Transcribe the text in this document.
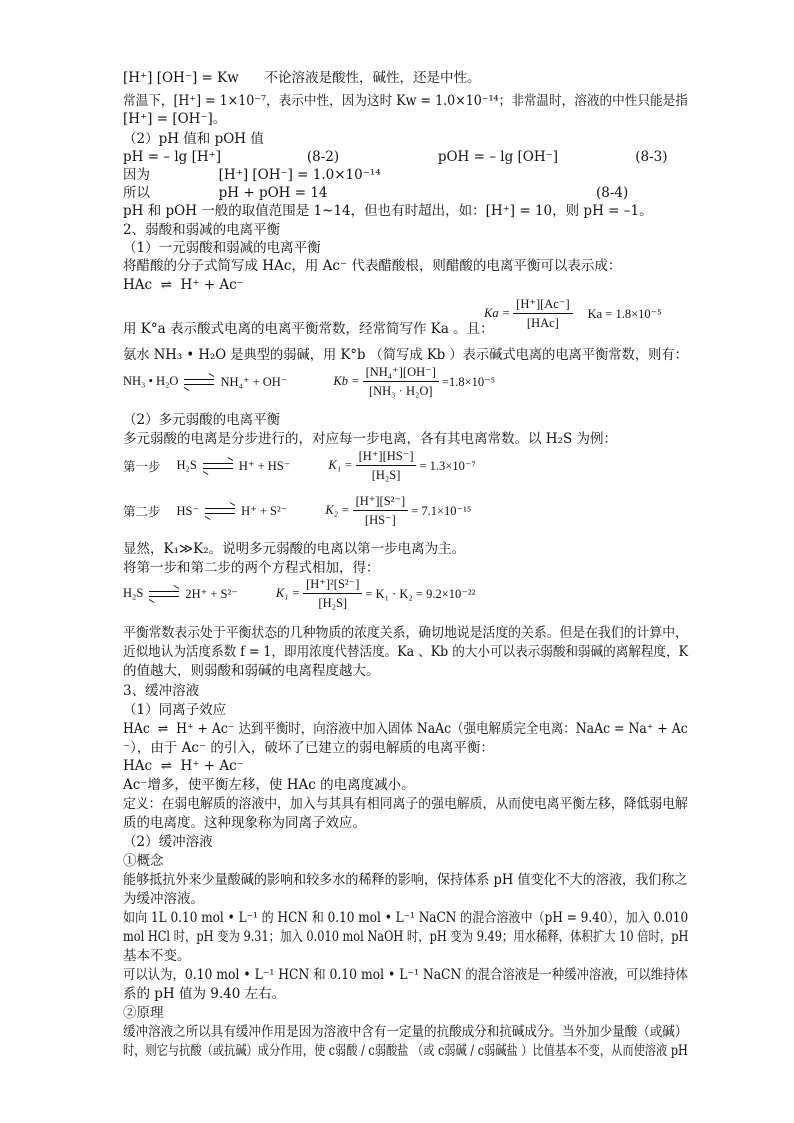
[H⁺] [OH⁻] = Kw      不论溶液是酸性，碱性，还是中性。
常温下，[H⁺] = 1×10⁻⁷，表示中性，因为这时 Kw = 1.0×10⁻¹⁴；非常温时，溶液的中性只能是指
[H⁺] = [OH⁻]。
（2）pH 值和 pOH 值
pH = – lg [H⁺]                    (8-2)                       pOH = – lg [OH⁻]                  (8-3)
因为                [H⁺] [OH⁻] = 1.0×10⁻¹⁴
所以                pH + pOH = 14	(8-4)
pH 和 pOH 一般的取值范围是 1~14，但也有时超出，如：[H⁺] = 10，则 pH = –1。
2、弱酸和弱减的电离平衡
（1）一元弱酸和弱减的电离平衡
将醋酸的分子式简写成 HAc，用 Ac⁻ 代表醋酸根，则醋酸的电离平衡可以表示成：
HAc  ⇌  H⁺ + Ac⁻
$Ka = \frac{[H^+][Ac^-]}{\text{[HAc]}}$ Ka = 1.8×10⁻⁵
用 K°a 表示酸式电离的电离平衡常数，经常简写作 Ka 。且：
氨水 NH₃ • H₂O 是典型的弱碱，用 K°b （简写成 Kb ）表示碱式电离的电离平衡常数，则有：
NH₃ • H₂O	NH₄⁺ + OH⁻	$Kb = \frac{\text{[NH₄⁺][OH⁻]}}{\text{[NH₃ · H₂O]}} =1.8\times 10^{-5}$
（2）多元弱酸的电离平衡
多元弱酸的电离是分步进行的，对应每一步电离，各有其电离常数。以 H₂S 为例：
第一步 H₂S	H⁺ + HS⁻	$K_1 = \frac{[H^+][HS^-]}{\text{[H₂S]}} = 1.3\times 10^{-7}$
第二步 HS⁻	H⁺ + S²⁻	$K_2 = \frac{\text{[H⁺][S²⁻]}}{[HS^-]} = 7.1\times 10^{-15}$
显然，K₁≫K₂。说明多元弱酸的电离以第一步电离为主。
将第一步和第二步的两个方程式相加，得：
H₂S	2H⁺ + S²⁻	$K_1 = \frac{\text{[H⁺]²[S²⁻]}}{\text{[H₂S]}} = K_1 \cdot K_2 = 9.2\times 10^{-22}$
平衡常数表示处于平衡状态的几种物质的浓度关系，确切地说是活度的关系。但是在我们的计算中，
近似地认为活度系数 f = 1，即用浓度代替活度。Ka 、Kb 的大小可以表示弱酸和弱碱的离解程度，K
的值越大，则弱酸和弱碱的电离程度越大。
3、缓冲溶液
（1）同离子效应
HAc  ⇌  H⁺ + Ac⁻ 达到平衡时，向溶液中加入固体 NaAc（强电解质完全电离：NaAc = Na⁺ + Ac
⁻），由于 Ac⁻ 的引入，破坏了已建立的弱电解质的电离平衡：
HAc  ⇌  H⁺ + Ac⁻
Ac⁻增多，使平衡左移，使 HAc 的电离度减小。
定义：在弱电解质的溶液中，加入与其具有相同离子的强电解质，从而使电离平衡左移，降低弱电解
质的电离度。这种现象称为同离子效应。
（2）缓冲溶液
①概念
能够抵抗外来少量酸碱的影响和较多水的稀释的影响，保持体系 pH 值变化不大的溶液，我们称之
为缓冲溶液。
如向 1L 0.10 mol • L⁻¹ 的 HCN 和 0.10 mol • L⁻¹ NaCN 的混合溶液中（pH = 9.40），加入 0.010
mol HCl 时，pH 变为 9.31；加入 0.010 mol NaOH 时，pH 变为 9.49；用水稀释，体积扩大 10 倍时，pH
基本不变。
可以认为，0.10 mol • L⁻¹ HCN 和 0.10 mol • L⁻¹ NaCN 的混合溶液是一种缓冲溶液，可以维持体
系的 pH 值为 9.40 左右。
②原理
缓冲溶液之所以具有缓冲作用是因为溶液中含有一定量的抗酸成分和抗碱成分。当外加少量酸（或碱）
时，则它与抗酸（或抗碱）成分作用，使 c弱酸 / c弱酸盐 （或 c弱碱 / c弱碱盐 ）比值基本不变，从而使溶液 pH
